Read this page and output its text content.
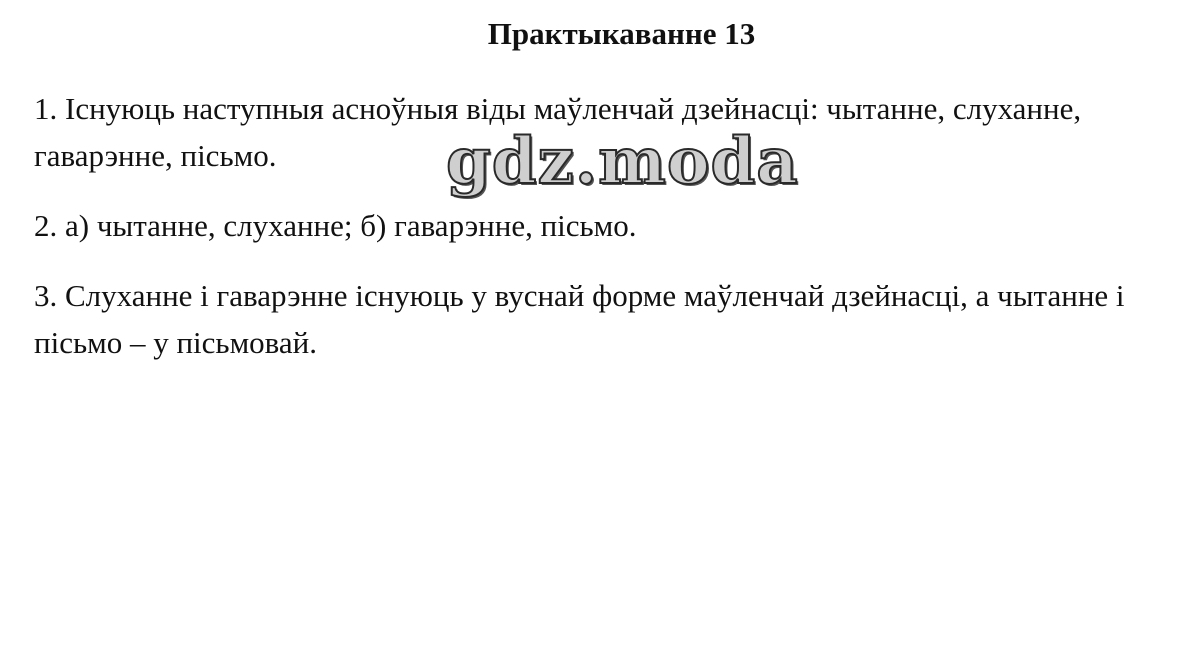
Практыкаванне 13

1. Існуюць наступныя асноўныя віды маўленчай дзейнасці: чытанне, слуханне, гаварэнне, пісьмо.

2. а) чытанне, слуханне; б) гаварэнне, пісьмо.

3. Слуханне і гаварэнне існуюць у вуснай форме маўленчай дзейнасці, а чытанне і пісьмо – у пісьмовай.

gdz.moda
